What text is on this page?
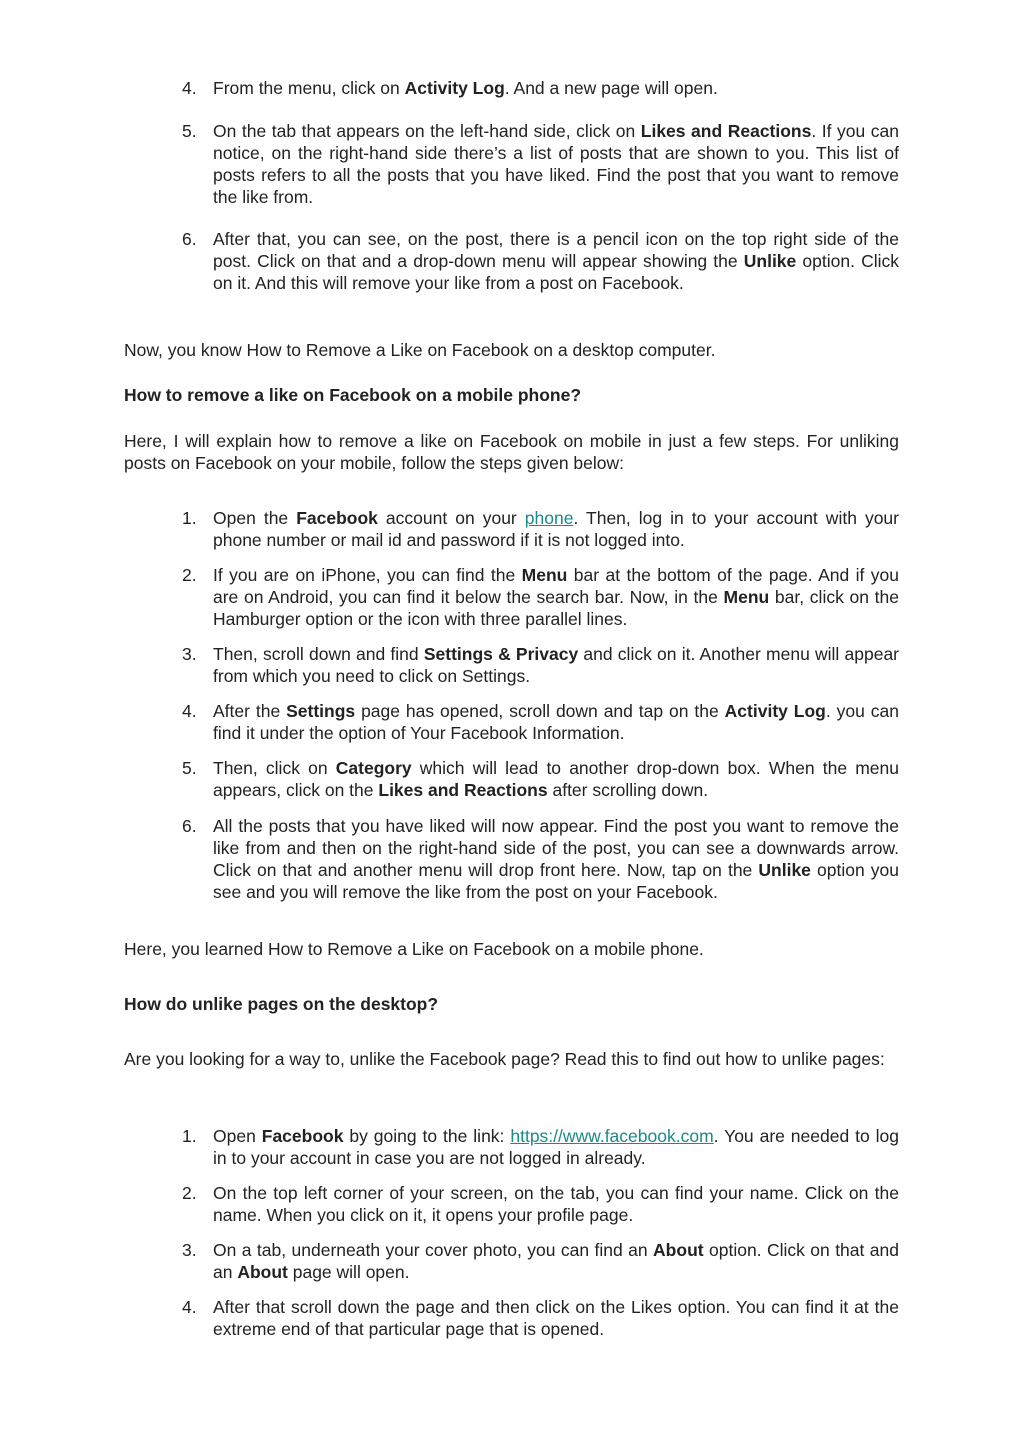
4. From the menu, click on Activity Log. And a new page will open.
5. On the tab that appears on the left-hand side, click on Likes and Reactions. If you can notice, on the right-hand side there’s a list of posts that are shown to you. This list of posts refers to all the posts that you have liked. Find the post that you want to remove the like from.
6. After that, you can see, on the post, there is a pencil icon on the top right side of the post. Click on that and a drop-down menu will appear showing the Unlike option. Click on it. And this will remove your like from a post on Facebook.
Now, you know How to Remove a Like on Facebook on a desktop computer.
How to remove a like on Facebook on a mobile phone?
Here, I will explain how to remove a like on Facebook on mobile in just a few steps. For unliking posts on Facebook on your mobile, follow the steps given below:
1. Open the Facebook account on your phone. Then, log in to your account with your phone number or mail id and password if it is not logged into.
2. If you are on iPhone, you can find the Menu bar at the bottom of the page. And if you are on Android, you can find it below the search bar. Now, in the Menu bar, click on the Hamburger option or the icon with three parallel lines.
3. Then, scroll down and find Settings & Privacy and click on it. Another menu will appear from which you need to click on Settings.
4. After the Settings page has opened, scroll down and tap on the Activity Log. you can find it under the option of Your Facebook Information.
5. Then, click on Category which will lead to another drop-down box. When the menu appears, click on the Likes and Reactions after scrolling down.
6. All the posts that you have liked will now appear. Find the post you want to remove the like from and then on the right-hand side of the post, you can see a downwards arrow. Click on that and another menu will drop front here. Now, tap on the Unlike option you see and you will remove the like from the post on your Facebook.
Here, you learned How to Remove a Like on Facebook on a mobile phone.
How do unlike pages on the desktop?
Are you looking for a way to, unlike the Facebook page? Read this to find out how to unlike pages:
1. Open Facebook by going to the link: https://www.facebook.com. You are needed to log in to your account in case you are not logged in already.
2. On the top left corner of your screen, on the tab, you can find your name. Click on the name. When you click on it, it opens your profile page.
3. On a tab, underneath your cover photo, you can find an About option. Click on that and an About page will open.
4. After that scroll down the page and then click on the Likes option. You can find it at the extreme end of that particular page that is opened.
